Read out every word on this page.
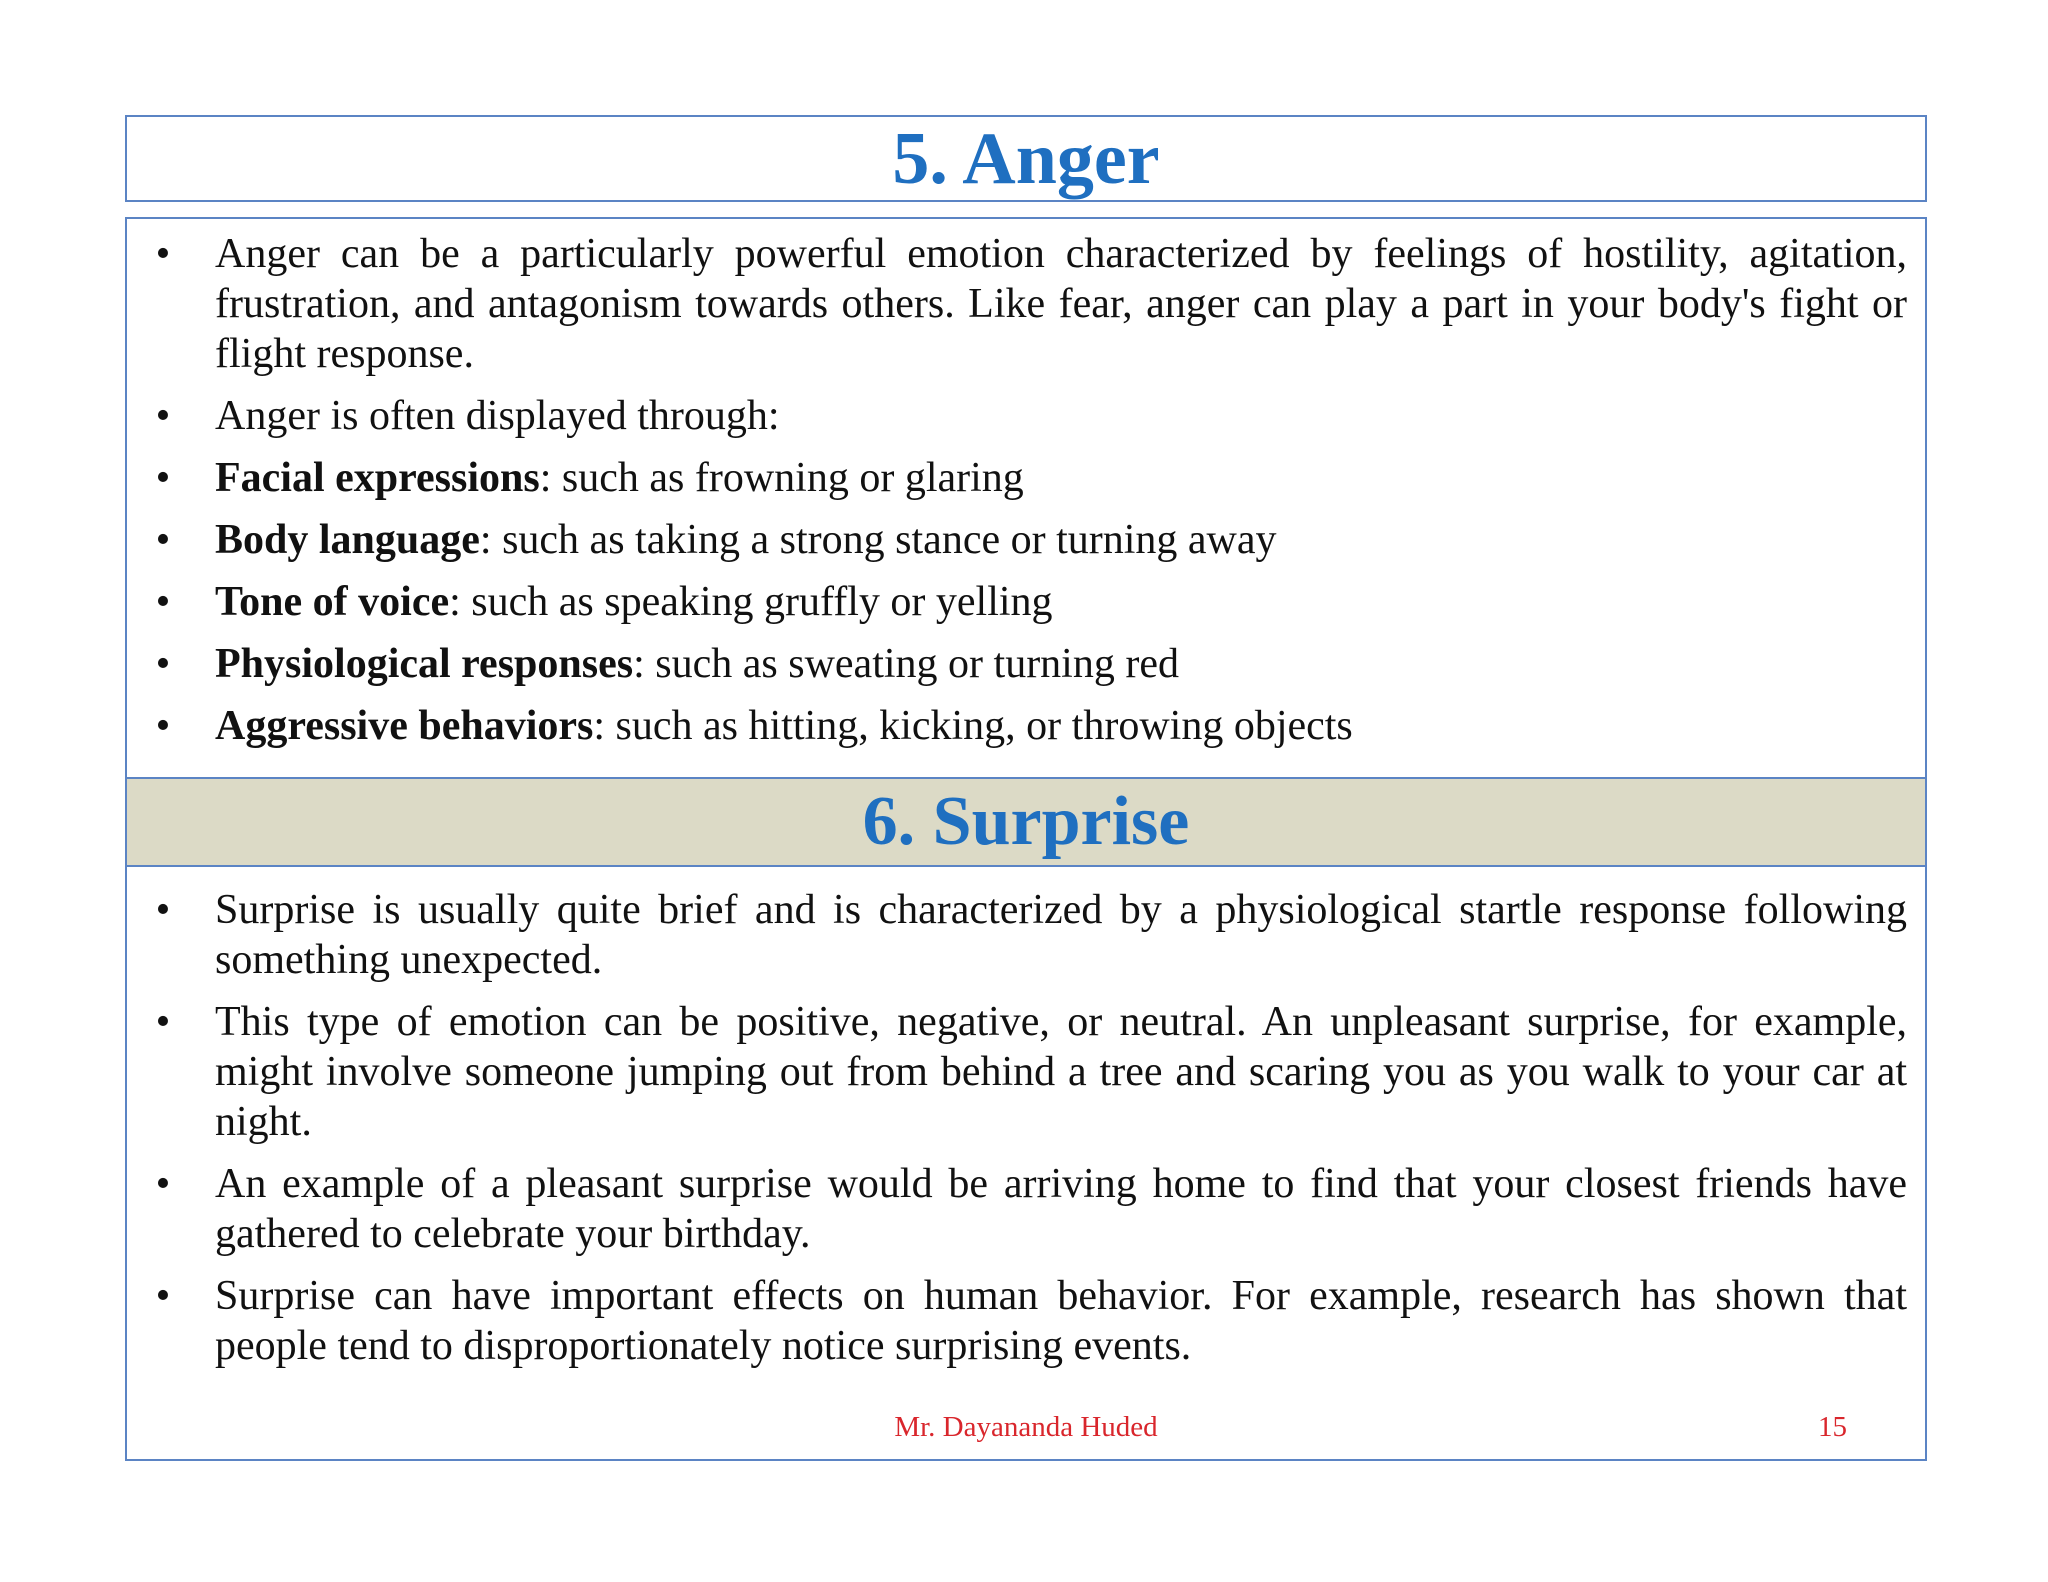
5. Anger
• Anger can be a particularly powerful emotion characterized by feelings of hostility, agitation, frustration, and antagonism towards others. Like fear, anger can play a part in your body's fight or flight response.
• Anger is often displayed through:
• Facial expressions: such as frowning or glaring
• Body language: such as taking a strong stance or turning away
• Tone of voice: such as speaking gruffly or yelling
• Physiological responses: such as sweating or turning red
• Aggressive behaviors: such as hitting, kicking, or throwing objects
6. Surprise
• Surprise is usually quite brief and is characterized by a physiological startle response following something unexpected.
• This type of emotion can be positive, negative, or neutral. An unpleasant surprise, for example, might involve someone jumping out from behind a tree and scaring you as you walk to your car at night.
• An example of a pleasant surprise would be arriving home to find that your closest friends have gathered to celebrate your birthday.
• Surprise can have important effects on human behavior. For example, research has shown that people tend to disproportionately notice surprising events.
Mr. Dayananda Huded	15
